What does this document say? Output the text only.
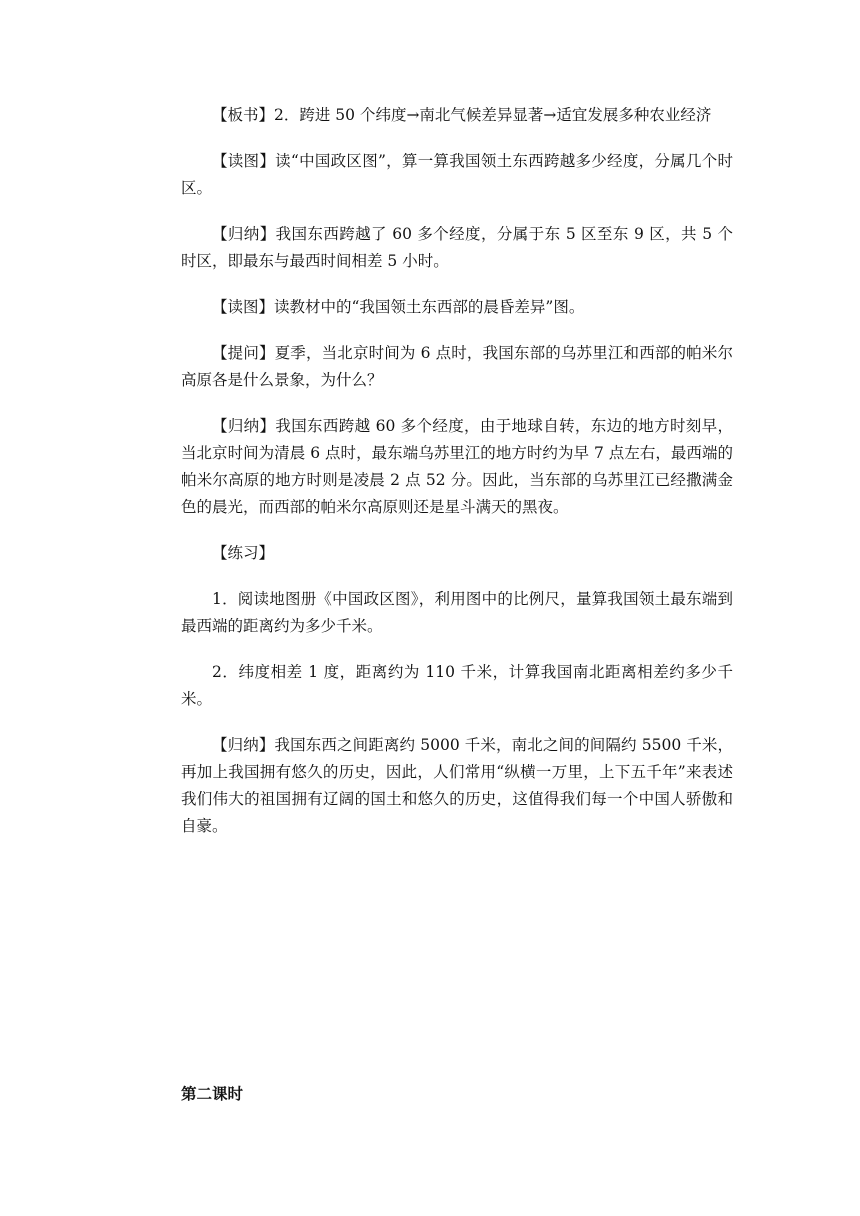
【板书】2．跨进 50 个纬度→南北气候差异显著→适宜发展多种农业经济

【读图】读“中国政区图”，算一算我国领土东西跨越多少经度，分属几个时区。

【归纳】我国东西跨越了 60 多个经度，分属于东 5 区至东 9 区，共 5 个时区，即最东与最西时间相差 5 小时。

【读图】读教材中的“我国领土东西部的晨昏差异”图。

【提问】夏季，当北京时间为 6 点时，我国东部的乌苏里江和西部的帕米尔高原各是什么景象，为什么？

【归纳】我国东西跨越 60 多个经度，由于地球自转，东边的地方时刻早，当北京时间为清晨 6 点时，最东端乌苏里江的地方时约为早 7 点左右，最西端的帕米尔高原的地方时则是凌晨 2 点 52 分。因此，当东部的乌苏里江已经撒满金色的晨光，而西部的帕米尔高原则还是星斗满天的黑夜。

【练习】

1．阅读地图册《中国政区图》，利用图中的比例尺，量算我国领土最东端到最西端的距离约为多少千米。

2．纬度相差 1 度，距离约为 110 千米，计算我国南北距离相差约多少千米。

【归纳】我国东西之间距离约 5000 千米，南北之间的间隔约 5500 千米，再加上我国拥有悠久的历史，因此，人们常用“纵横一万里，上下五千年”来表述我们伟大的祖国拥有辽阔的国土和悠久的历史，这值得我们每一个中国人骄傲和自豪。

第二课时
